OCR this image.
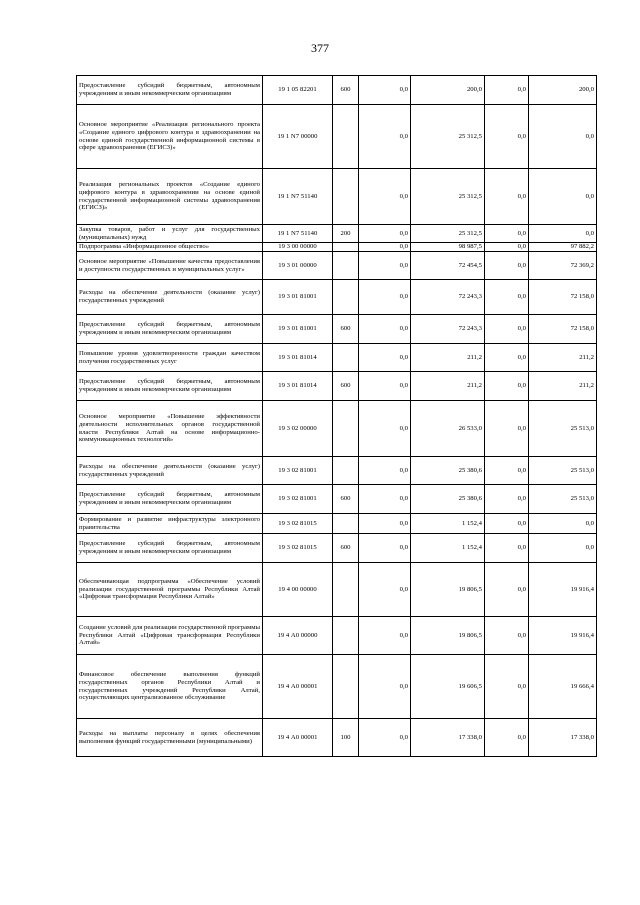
377
Предоставление субсидий бюджетным, автономным учреждениям и иным некоммерческим организациям	19 1 05 82201	600	0,0	200,0	0,0	200,0
Основное мероприятие «Реализация регионального проекта «Создание единого цифрового контура в здравоохранении на основе единой государственной информационной системы в сфере здравоохранения (ЕГИСЗ)»	19 1 N7 00000		0,0	25 312,5	0,0	0,0
Реализация региональных проектов «Создание единого цифрового контура в здравоохранении на основе единой государственной информационной системы здравоохранения (ЕГИСЗ)»	19 1 N7 51140		0,0	25 312,5	0,0	0,0
Закупка товаров, работ и услуг для государственных (муниципальных) нужд	19 1 N7 51140	200	0,0	25 312,5	0,0	0,0
Подпрограмма «Информационное общество»	19 3 00 00000		0,0	98 987,5	0,0	97 882,2
Основное мероприятие «Повышение качества предоставления и доступности государственных и муниципальных услуг»	19 3 01 00000		0,0	72 454,5	0,0	72 369,2
Расходы на обеспечение деятельности (оказание услуг) государственных учреждений	19 3 01 81001		0,0	72 243,3	0,0	72 158,0
Предоставление субсидий бюджетным, автономным учреждениям и иным некоммерческим организациям	19 3 01 81001	600	0,0	72 243,3	0,0	72 158,0
Повышение уровня удовлетворенности граждан качеством получения государственных услуг	19 3 01 81014		0,0	211,2	0,0	211,2
Предоставление субсидий бюджетным, автономным учреждениям и иным некоммерческим организациям	19 3 01 81014	600	0,0	211,2	0,0	211,2
Основное мероприятие «Повышение эффективности деятельности исполнительных органов государственной власти Республики Алтай на основе информационно-коммуникационных технологий»	19 3 02 00000		0,0	26 533,0	0,0	25 513,0
Расходы на обеспечение деятельности (оказание услуг) государственных учреждений	19 3 02 81001		0,0	25 380,6	0,0	25 513,0
Предоставление субсидий бюджетным, автономным учреждениям и иным некоммерческим организациям	19 3 02 81001	600	0,0	25 380,6	0,0	25 513,0
Формирование и развитие инфраструктуры электронного правительства	19 3 02 81015		0,0	1 152,4	0,0	0,0
Предоставление субсидий бюджетным, автономным учреждениям и иным некоммерческим организациям	19 3 02 81015	600	0,0	1 152,4	0,0	0,0
Обеспечивающая подпрограмма «Обеспечение условий реализации государственной программы Республики Алтай «Цифровая трансформация Республики Алтай»	19 4 00 00000		0,0	19 806,5	0,0	19 916,4
Создание условий для реализации государственной программы Республики Алтай «Цифровая трансформация Республики Алтай»	19 4 А0 00000		0,0	19 806,5	0,0	19 916,4
Финансовое обеспечение выполнения функций государственных органов Республики Алтай и государственных учреждений Республики Алтай, осуществляющих централизованное обслуживание	19 4 А0 00001		0,0	19 606,5	0,0	19 666,4
Расходы на выплаты персоналу в целях обеспечения выполнения функций государственными (муниципальными)	19 4 А0 00001	100	0,0	17 338,0	0,0	17 338,0
